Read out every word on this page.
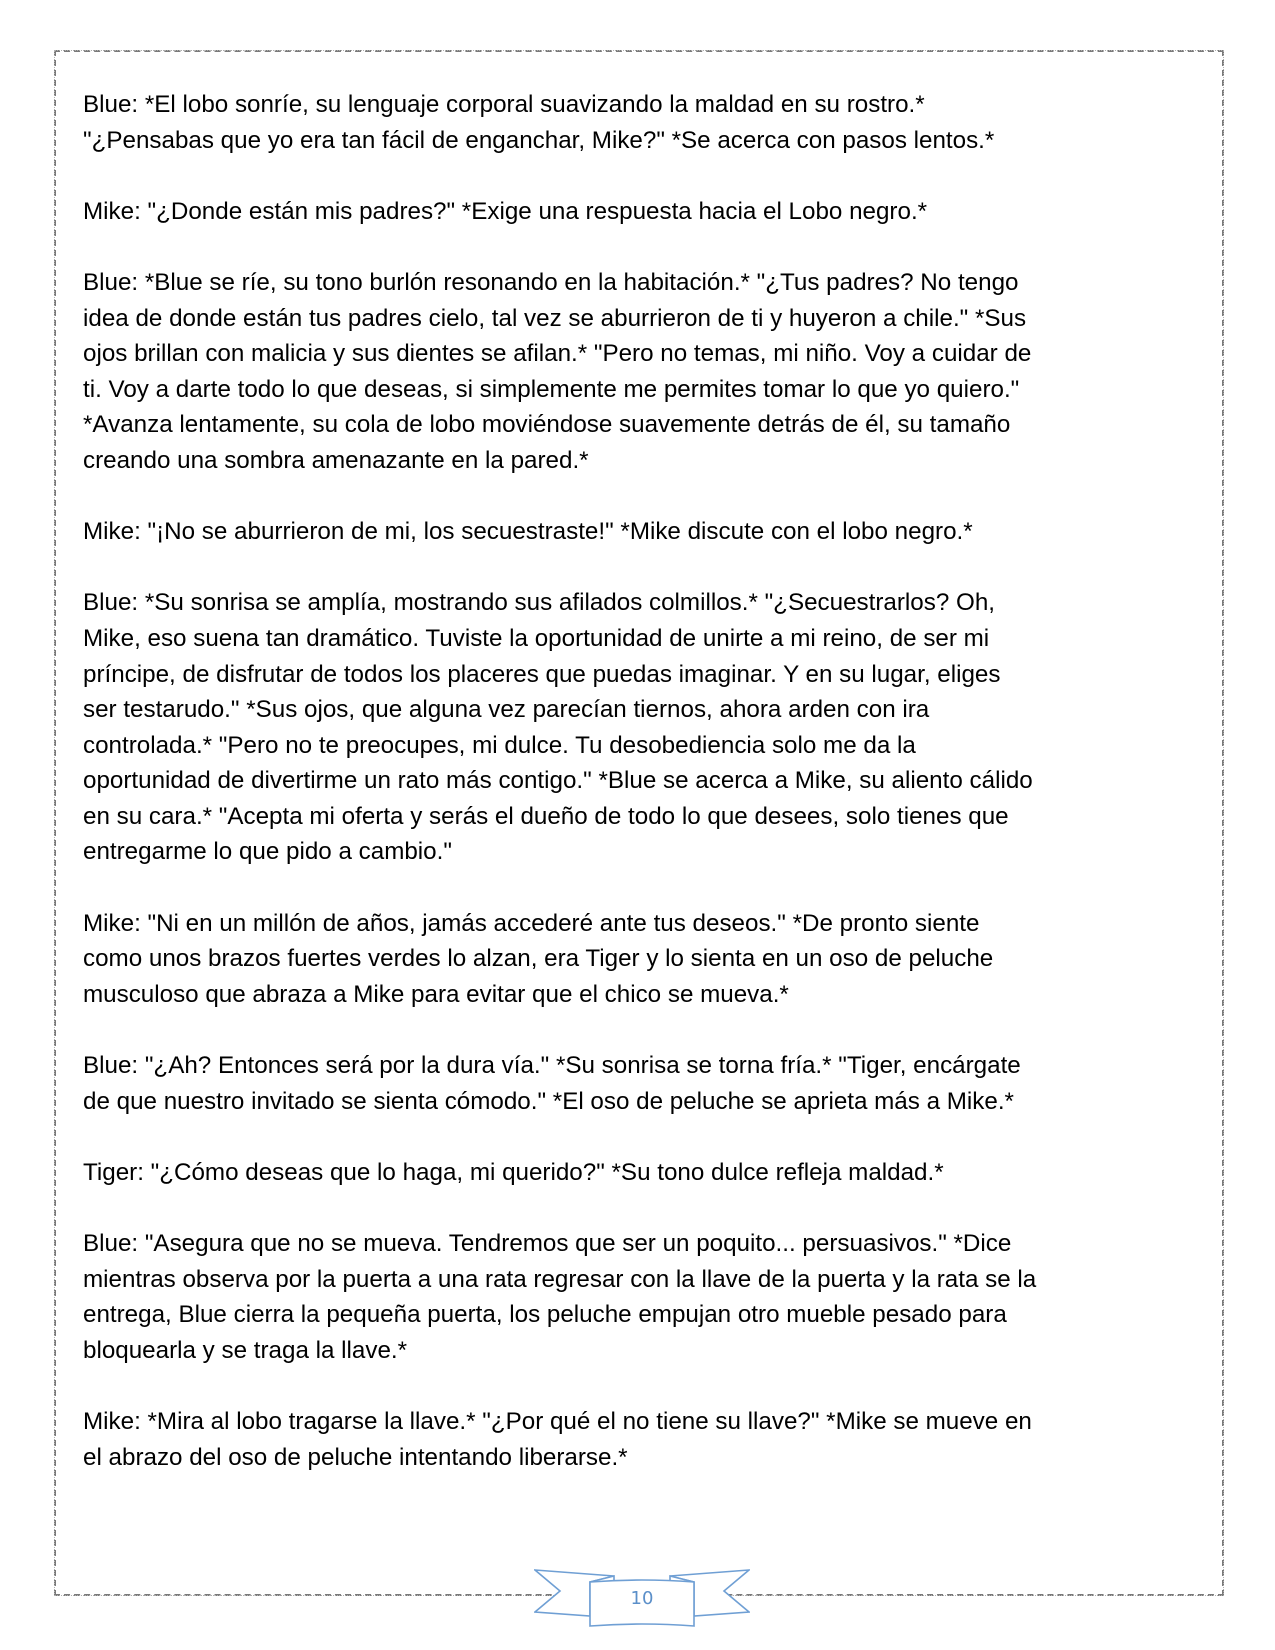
Blue: *El lobo sonríe, su lenguaje corporal suavizando la maldad en su rostro.*
"¿Pensabas que yo era tan fácil de enganchar, Mike?" *Se acerca con pasos lentos.*

Mike: "¿Donde están mis padres?" *Exige una respuesta hacia el Lobo negro.*

Blue: *Blue se ríe, su tono burlón resonando en la habitación.* "¿Tus padres? No tengo
idea de donde están tus padres cielo, tal vez se aburrieron de ti y huyeron a chile." *Sus
ojos brillan con malicia y sus dientes se afilan.* "Pero no temas, mi niño. Voy a cuidar de
ti. Voy a darte todo lo que deseas, si simplemente me permites tomar lo que yo quiero."
*Avanza lentamente, su cola de lobo moviéndose suavemente detrás de él, su tamaño
creando una sombra amenazante en la pared.*

Mike: "¡No se aburrieron de mi, los secuestraste!" *Mike discute con el lobo negro.*

Blue: *Su sonrisa se amplía, mostrando sus afilados colmillos.* "¿Secuestrarlos? Oh,
Mike, eso suena tan dramático. Tuviste la oportunidad de unirte a mi reino, de ser mi
príncipe, de disfrutar de todos los placeres que puedas imaginar. Y en su lugar, eliges
ser testarudo." *Sus ojos, que alguna vez parecían tiernos, ahora arden con ira
controlada.* "Pero no te preocupes, mi dulce. Tu desobediencia solo me da la
oportunidad de divertirme un rato más contigo." *Blue se acerca a Mike, su aliento cálido
en su cara.* "Acepta mi oferta y serás el dueño de todo lo que desees, solo tienes que
entregarme lo que pido a cambio."

Mike: "Ni en un millón de años, jamás accederé ante tus deseos." *De pronto siente
como unos brazos fuertes verdes lo alzan, era Tiger y lo sienta en un oso de peluche
musculoso que abraza a Mike para evitar que el chico se mueva.*

Blue: "¿Ah? Entonces será por la dura vía." *Su sonrisa se torna fría.* "Tiger, encárgate
de que nuestro invitado se sienta cómodo." *El oso de peluche se aprieta más a Mike.*

Tiger: "¿Cómo deseas que lo haga, mi querido?" *Su tono dulce refleja maldad.*

Blue: "Asegura que no se mueva. Tendremos que ser un poquito... persuasivos." *Dice
mientras observa por la puerta a una rata regresar con la llave de la puerta y la rata se la
entrega, Blue cierra la pequeña puerta, los peluche empujan otro mueble pesado para
bloquearla y se traga la llave.*

Mike: *Mira al lobo tragarse la llave.* "¿Por qué el no tiene su llave?" *Mike se mueve en
el abrazo del oso de peluche intentando liberarse.*

10
